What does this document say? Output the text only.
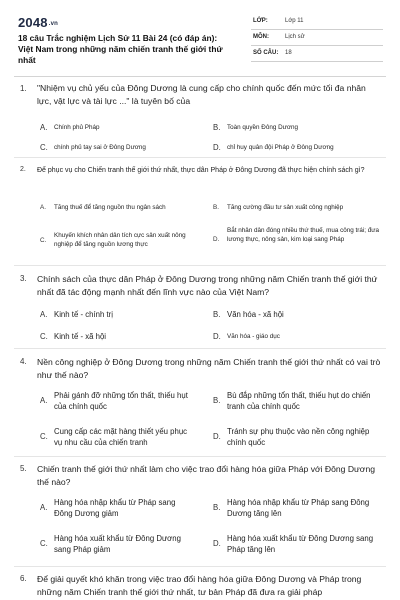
2048.vn
18 câu Trắc nghiệm Lịch Sử 11 Bài 24 (có đáp án): Việt Nam trong những năm chiến tranh thế giới thứ nhất
LỚP:	Lớp 11
MÔN:	Lịch sử
SỐ CÂU: 18
1. "Nhiệm vụ chủ yếu của Đông Dương là cung cấp cho chính quốc đến mức tối đa nhân lực, vật lực và tài lực ..." là tuyên bố của
A. Chính phủ Pháp	B. Toàn quyền Đông Dương
C. chính phủ tay sai ở Đông Dương	D. chỉ huy quân đội Pháp ở Đông Dương
2. Để phục vụ cho Chiến tranh thế giới thứ nhất, thực dân Pháp ở Đông Dương đã thực hiện chính sách gì?
A. Tăng thuế để tăng nguồn thu ngân sách	B. Tăng cường đầu tư sản xuất công nghiệp
C.
Khuyến khích nhân dân tích cực sản xuất nông nghiệp để tăng nguồn lương thực
D.
Bắt nhân dân đóng nhiều thứ thuế, mua công trái; đưa lương thực, nông sản, kim loại sang Pháp
3. Chính sách của thực dân Pháp ở Đông Dương trong những năm Chiến tranh thế giới thứ nhất đã tác động mạnh nhất đến lĩnh vực nào của Việt Nam?
A. Kinh tế - chính trị	B. Văn hóa - xã hội
C. Kinh tế - xã hội	D. Văn hóa - giáo dục
4. Nền công nghiệp ở Đông Dương trong những năm Chiến tranh thế giới thứ nhất có vai trò như thế nào?
A.
Phải gánh đỡ những tổn thất, thiếu hụt của chính quốc
B.
Bù đắp những tổn thất, thiếu hụt do chiến tranh của chính quốc
C.
Cung cấp các mặt hàng thiết yếu phục vụ nhu cầu của chiến tranh
D.
Tránh sự phụ thuộc vào nền công nghiệp chính quốc
5. Chiến tranh thế giới thứ nhất làm cho việc trao đổi hàng hóa giữa Pháp với Đông Dương thế nào?
A.
Hàng hóa nhập khẩu từ Pháp sang Đông Dương giảm
B.
Hàng hóa nhập khẩu từ Pháp sang Đông Dương tăng lên
C.
Hàng hóa xuất khẩu từ Đông Dương sang Pháp giảm
D.
Hàng hóa xuất khẩu từ Đông Dương sang Pháp tăng lên
6. Để giải quyết khó khăn trong việc trao đổi hàng hóa giữa Đông Dương và Pháp trong những năm Chiến tranh thế giới thứ nhất, tư bản Pháp đã đưa ra giải pháp
